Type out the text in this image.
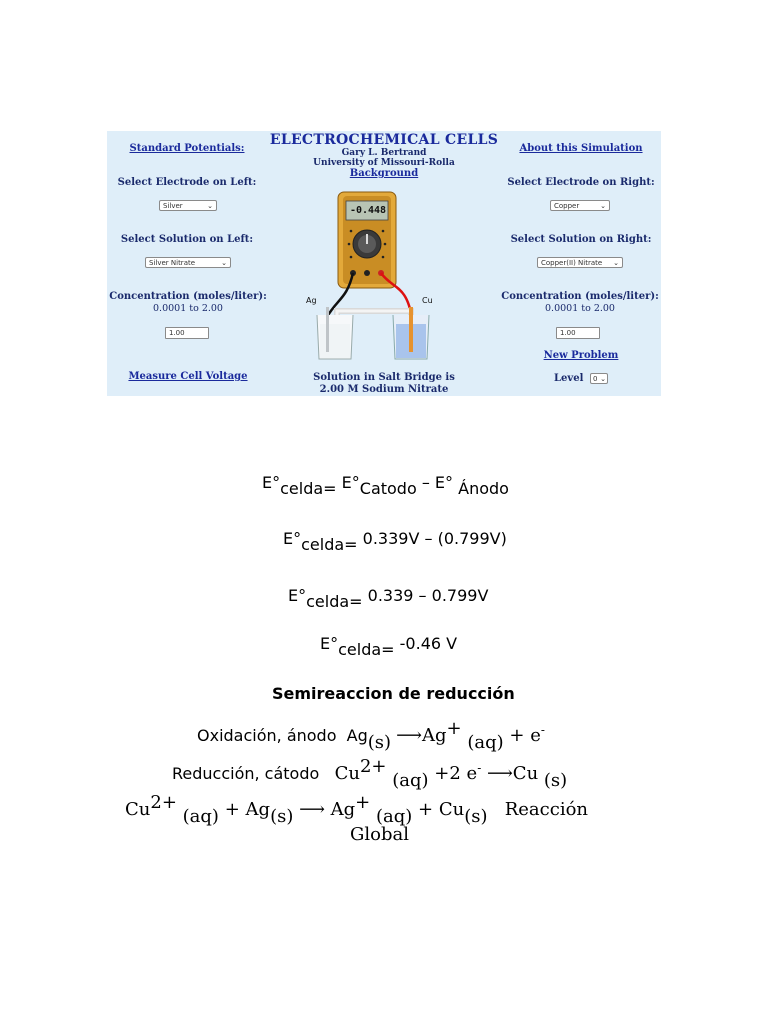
ELECTROCHEMICAL CELLS
Gary L. Bertrand
University of Missouri-Rolla
Background
Standard Potentials:
Select Electrode on Left:
Silver	⌄
Select Solution on Left:
Silver Nitrate	⌄
Concentration (moles/liter):
0.0001 to 2.00
1.00
Measure Cell Voltage
About this Simulation
Select Electrode on Right:
Copper	⌄
Select Solution on Right:
Copper(II) Nitrate ⌄
Concentration (moles/liter):
0.0001 to 2.00
1.00
New Problem
Level	0 ⌄
Solution in Salt Bridge is
2.00 M Sodium Nitrate
Ag	Cu
-0.448
$E^\circ_{celda=}$ $E^\circ_{Catodo} - E^\circ$ $_{Ánodo}$
$E^\circ_{celda=}$ 0.339V – (0.799V)
$E^\circ_{celda=}$ 0.339 – 0.799V
$E^\circ_{celda=}$ -0.46 V
Semireaccion de reducción
Oxidación, ánodo $Ag_{(s)}$ ⟶Ag+ $_{(aq)}$ + e-
Reducción, cátodo $Cu^{2+}$ $_{(aq)}$ +2 e- ⟶Cu $_{(s)}$
$Cu^{2+}$ $_{(aq)} + Ag_{(s)}$ ⟶ Ag+ $_{(aq)} + Cu_{(s)}$ Reacción
Global
